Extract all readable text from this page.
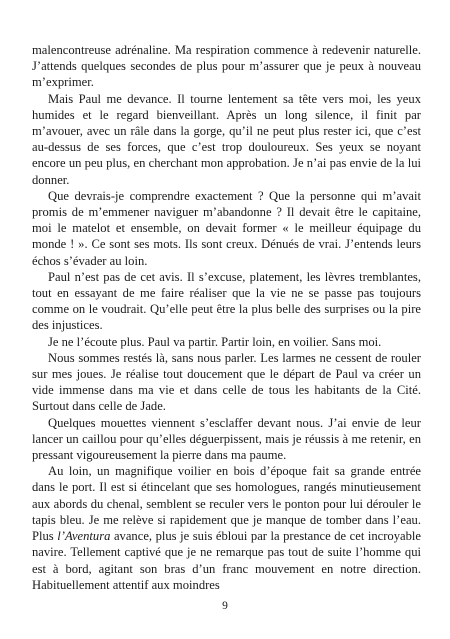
malencontreuse adrénaline. Ma respiration commence à redevenir naturelle. J’attends quelques secondes de plus pour m’assurer que je peux à nouveau m’exprimer.

Mais Paul me devance. Il tourne lentement sa tête vers moi, les yeux humides et le regard bienveillant. Après un long silence, il finit par m’avouer, avec un râle dans la gorge, qu’il ne peut plus rester ici, que c’est au-dessus de ses forces, que c’est trop douloureux. Ses yeux se noyant encore un peu plus, en cherchant mon approbation. Je n’ai pas envie de la lui donner.

Que devrais-je comprendre exactement ? Que la personne qui m’avait promis de m’emmener naviguer m’abandonne ? Il devait être le capitaine, moi le matelot et ensemble, on devait former « le meilleur équipage du monde ! ». Ce sont ses mots. Ils sont creux. Dénués de vrai. J’entends leurs échos s’évader au loin.

Paul n’est pas de cet avis. Il s’excuse, platement, les lèvres tremblantes, tout en essayant de me faire réaliser que la vie ne se passe pas toujours comme on le voudrait. Qu’elle peut être la plus belle des surprises ou la pire des injustices.

Je ne l’écoute plus. Paul va partir. Partir loin, en voilier. Sans moi.

Nous sommes restés là, sans nous parler. Les larmes ne cessent de rouler sur mes joues. Je réalise tout doucement que le départ de Paul va créer un vide immense dans ma vie et dans celle de tous les habitants de la Cité. Surtout dans celle de Jade.

Quelques mouettes viennent s’esclaffer devant nous. J’ai envie de leur lancer un caillou pour qu’elles déguerpissent, mais je réussis à me retenir, en pressant vigoureusement la pierre dans ma paume.

Au loin, un magnifique voilier en bois d’époque fait sa grande entrée dans le port. Il est si étincelant que ses homologues, rangés minutieusement aux abords du chenal, semblent se reculer vers le ponton pour lui dérouler le tapis bleu. Je me relève si rapidement que je manque de tomber dans l’eau. Plus l’Aventura avance, plus je suis ébloui par la prestance de cet incroyable navire. Tellement captivé que je ne remarque pas tout de suite l’homme qui est à bord, agitant son bras d’un franc mouvement en notre direction. Habituellement attentif aux moindres

9
